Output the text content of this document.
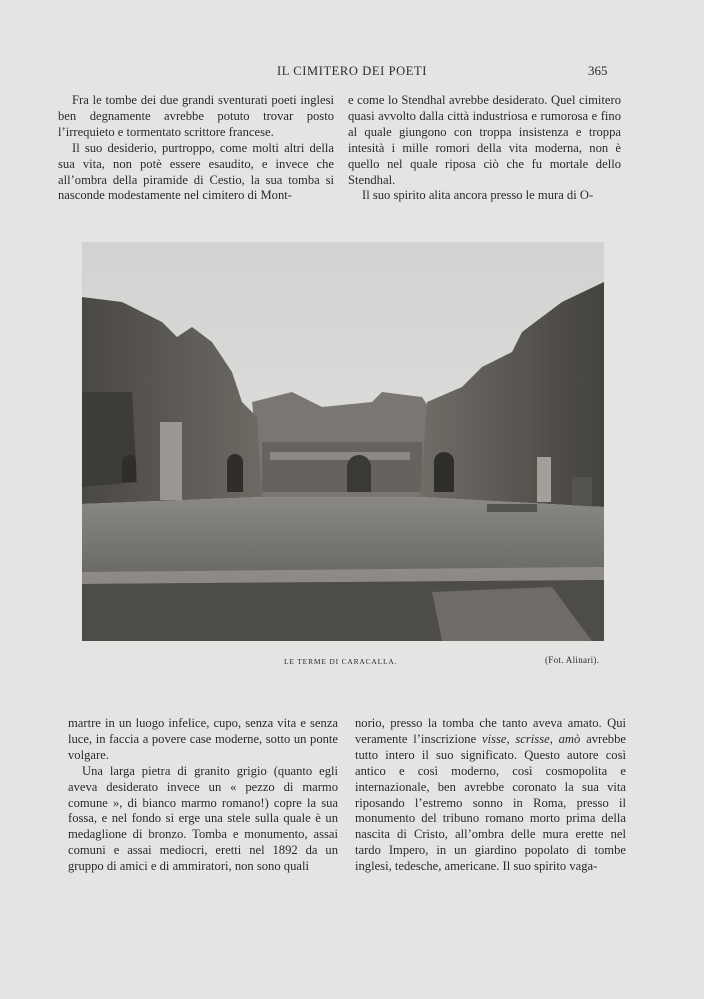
IL CIMITERO DEI POETI	365

Fra le tombe dei due grandi sventurati poeti inglesi ben degnamente avrebbe potuto trovar posto l’irrequieto e tormentato scrittore francese.

Il suo desiderio, purtroppo, come molti altri della sua vita, non potè essere esaudito, e invece che all’ombra della piramide di Cestio, la sua tomba si nasconde modestamente nel cimitero di Mont-

e come lo Stendhal avrebbe desiderato. Quel cimitero quasi avvolto dalla città industriosa e rumorosa e fino al quale giungono con troppa insistenza e troppa intesità i mille romori della vita moderna, non è quello nel quale riposa ciò che fu mortale dello Stendhal.

Il suo spirito alita ancora presso le mura di O-

LE TERME DI CARACALLA.	(Fot. Alinari).

martre in un luogo infelice, cupo, senza vita e senza luce, in faccia a povere case moderne, sotto un ponte volgare.

Una larga pietra di granito grigio (quanto egli aveva desiderato invece un « pezzo di marmo comune », di bianco marmo romano!) copre la sua fossa, e nel fondo si erge una stele sulla quale è un medaglione di bronzo. Tomba e monumento, assai comuni e assai mediocri, eretti nel 1892 da un gruppo di amici e di ammiratori, non sono quali

norio, presso la tomba che tanto aveva amato. Qui veramente l’inscrizione visse, scrisse, amò avrebbe tutto intero il suo significato. Questo autore così antico e così moderno, così cosmopolita e internazionale, ben avrebbe coronato la sua vita riposando l’estremo sonno in Roma, presso il monumento del tribuno romano morto prima della nascita di Cristo, all’ombra delle mura erette nel tardo Impero, in un giardino popolato di tombe inglesi, tedesche, americane. Il suo spirito vaga-
